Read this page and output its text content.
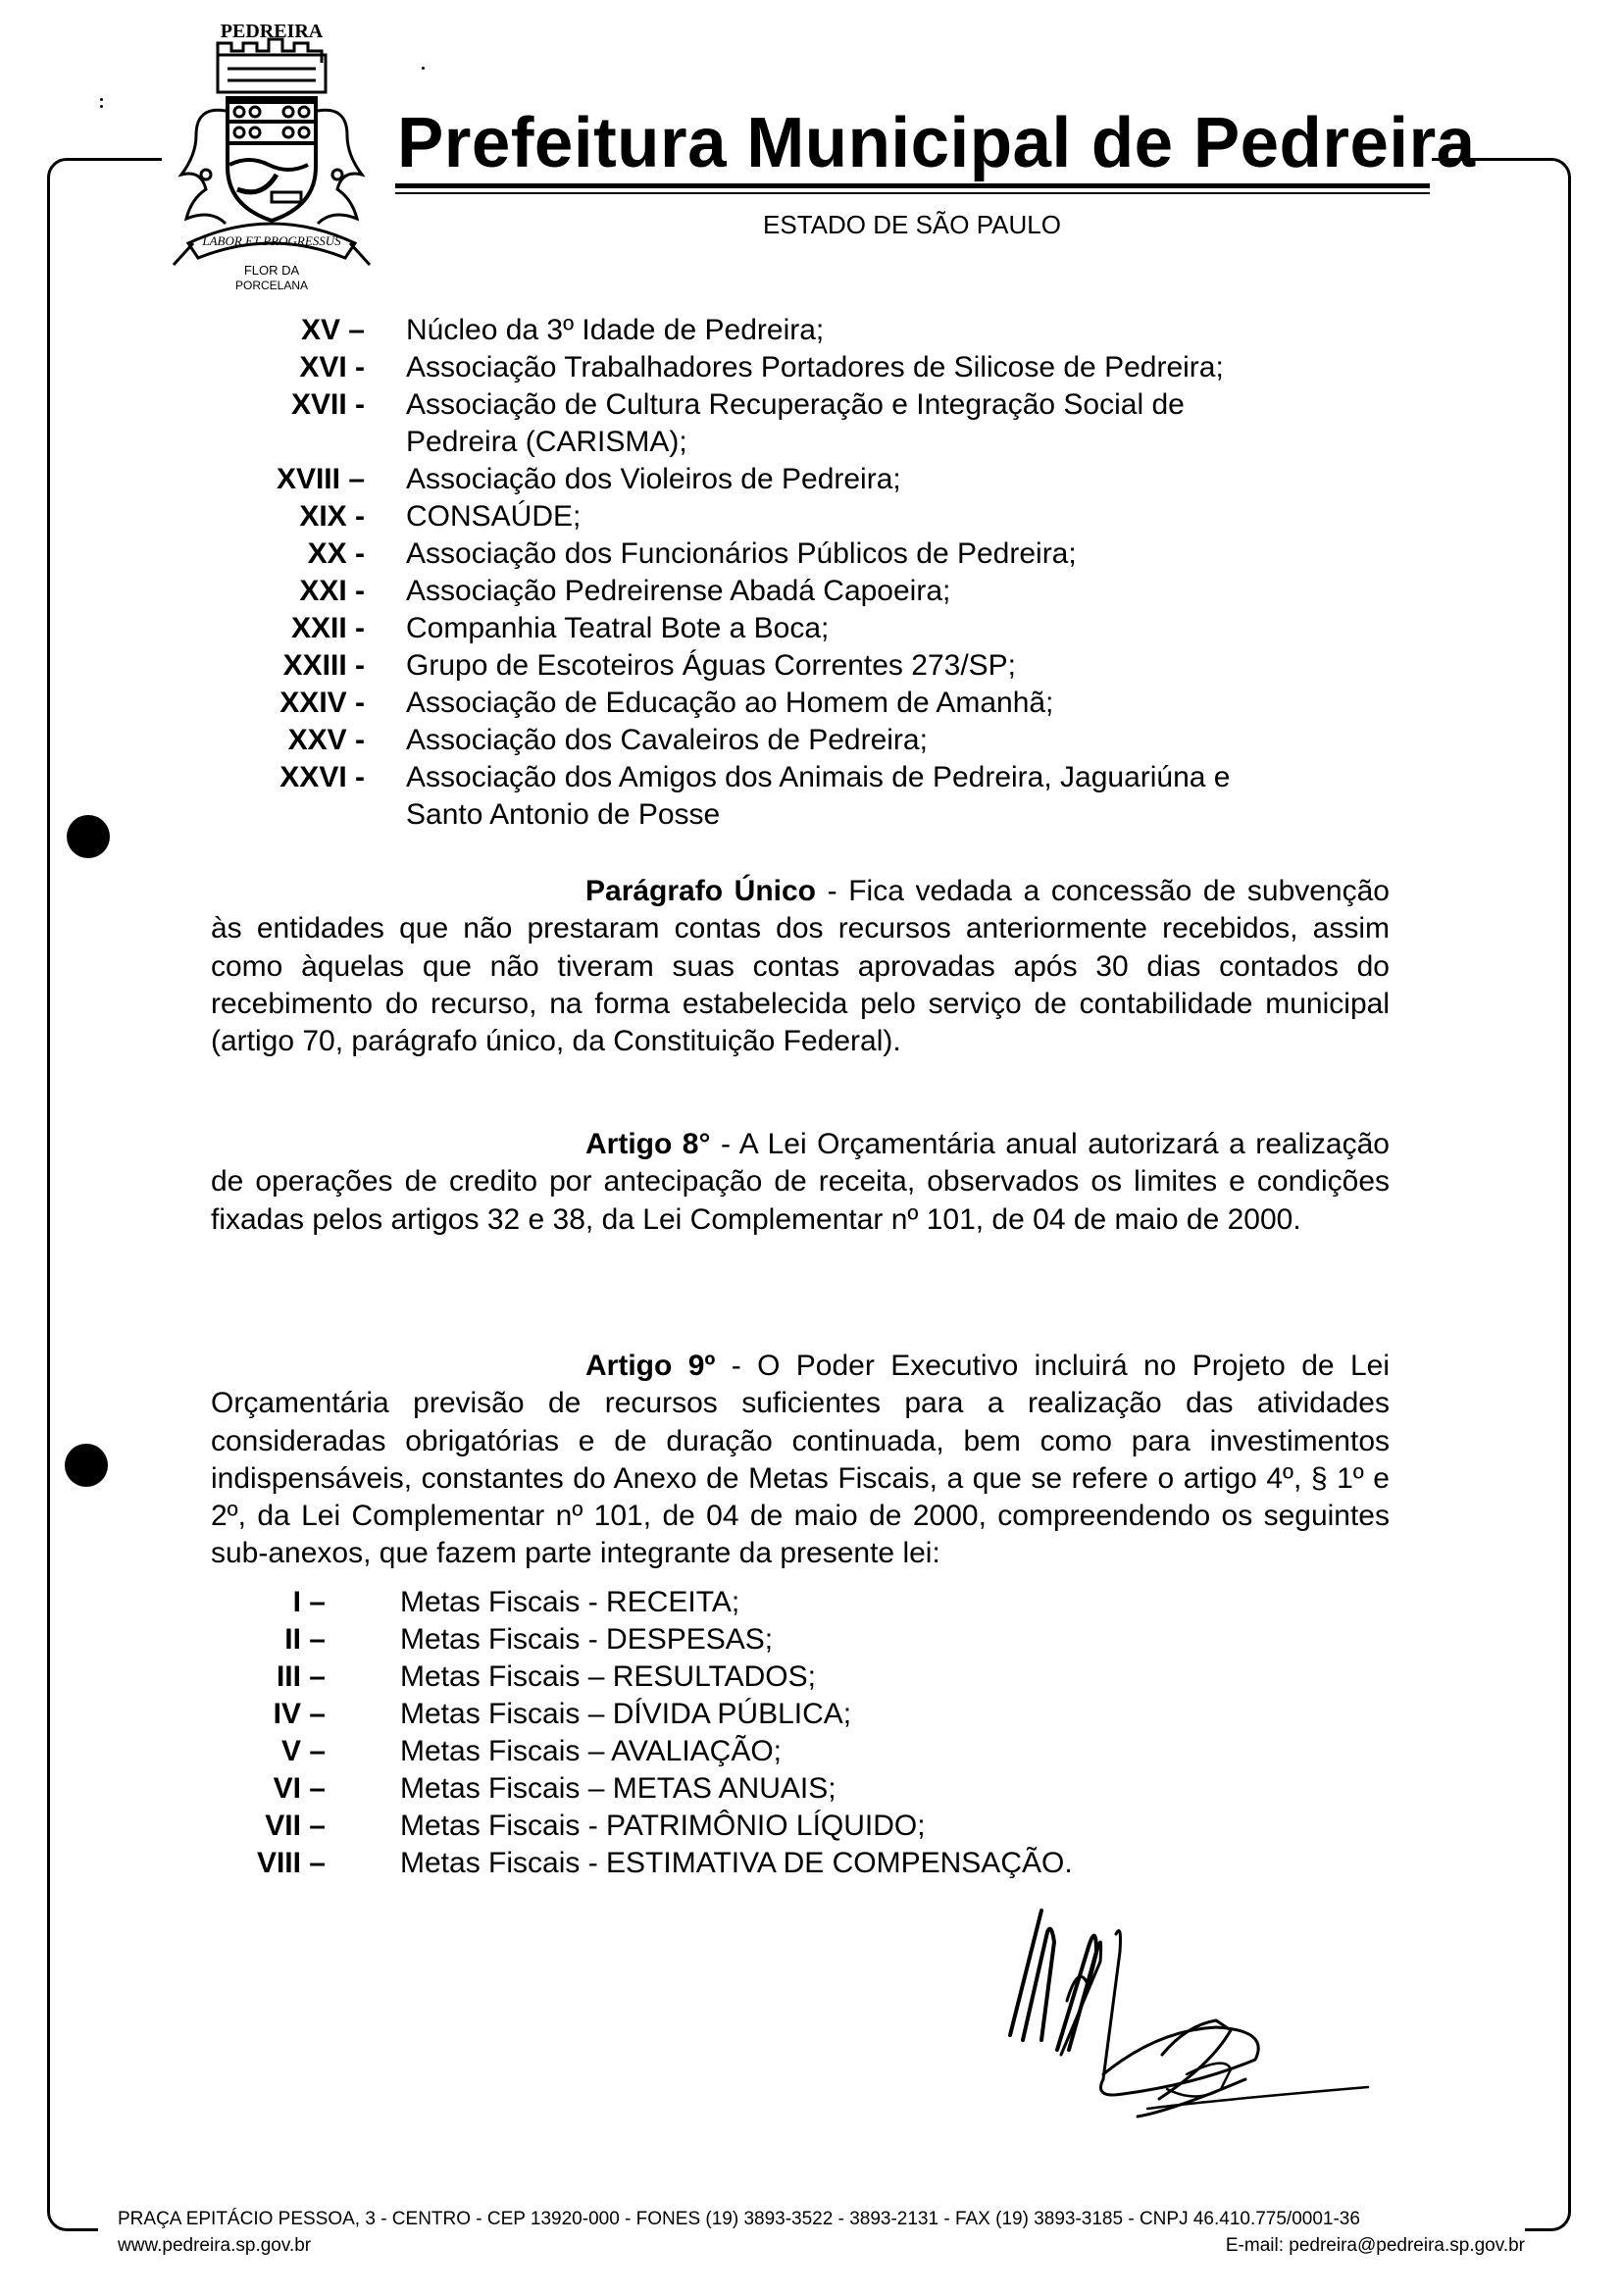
PEDREIRA
LABOR ET PROGRESSUS
FLOR DA
PORCELANA
Prefeitura Municipal de Pedreira
ESTADO DE SÃO PAULO
XV – Núcleo da 3º Idade de Pedreira;
XVI - Associação Trabalhadores Portadores de Silicose de Pedreira;
XVII - Associação de Cultura Recuperação e Integração Social de
Pedreira (CARISMA);
XVIII – Associação dos Violeiros de Pedreira;
XIX - CONSAÚDE;
XX - Associação dos Funcionários Públicos de Pedreira;
XXI - Associação Pedreirense Abadá Capoeira;
XXII - Companhia Teatral Bote a Boca;
XXIII - Grupo de Escoteiros Águas Correntes 273/SP;
XXIV - Associação de Educação ao Homem de Amanhã;
XXV - Associação dos Cavaleiros de Pedreira;
XXVI - Associação dos Amigos dos Animais de Pedreira, Jaguariúna e
Santo Antonio de Posse
Parágrafo Único - Fica vedada a concessão de subvenção às entidades que não prestaram contas dos recursos anteriormente recebidos, assim como àquelas que não tiveram suas contas aprovadas após 30 dias contados do recebimento do recurso, na forma estabelecida pelo serviço de contabilidade municipal (artigo 70, parágrafo único, da Constituição Federal).
Artigo 8° - A Lei Orçamentária anual autorizará a realização de operações de credito por antecipação de receita, observados os limites e condições fixadas pelos artigos 32 e 38, da Lei Complementar nº 101, de 04 de maio de 2000.
Artigo 9º - O Poder Executivo incluirá no Projeto de Lei Orçamentária previsão de recursos suficientes para a realização das atividades consideradas obrigatórias e de duração continuada, bem como para investimentos indispensáveis, constantes do Anexo de Metas Fiscais, a que se refere o artigo 4º, § 1º e 2º, da Lei Complementar nº 101, de 04 de maio de 2000, compreendendo os seguintes sub-anexos, que fazem parte integrante da presente lei:
I –	Metas Fiscais - RECEITA;
II –	Metas Fiscais - DESPESAS;
III –	Metas Fiscais – RESULTADOS;
IV –	Metas Fiscais – DÍVIDA PÚBLICA;
V –	Metas Fiscais – AVALIAÇÃO;
VI –	Metas Fiscais – METAS ANUAIS;
VII –	Metas Fiscais - PATRIMÔNIO LÍQUIDO;
VIII –	Metas Fiscais - ESTIMATIVA DE COMPENSAÇÃO.
PRAÇA EPITÁCIO PESSOA, 3 - CENTRO - CEP 13920-000 - FONES (19) 3893-3522 - 3893-2131 - FAX (19) 3893-3185 - CNPJ 46.410.775/0001-36
www.pedreira.sp.gov.br	E-mail: pedreira@pedreira.sp.gov.br
